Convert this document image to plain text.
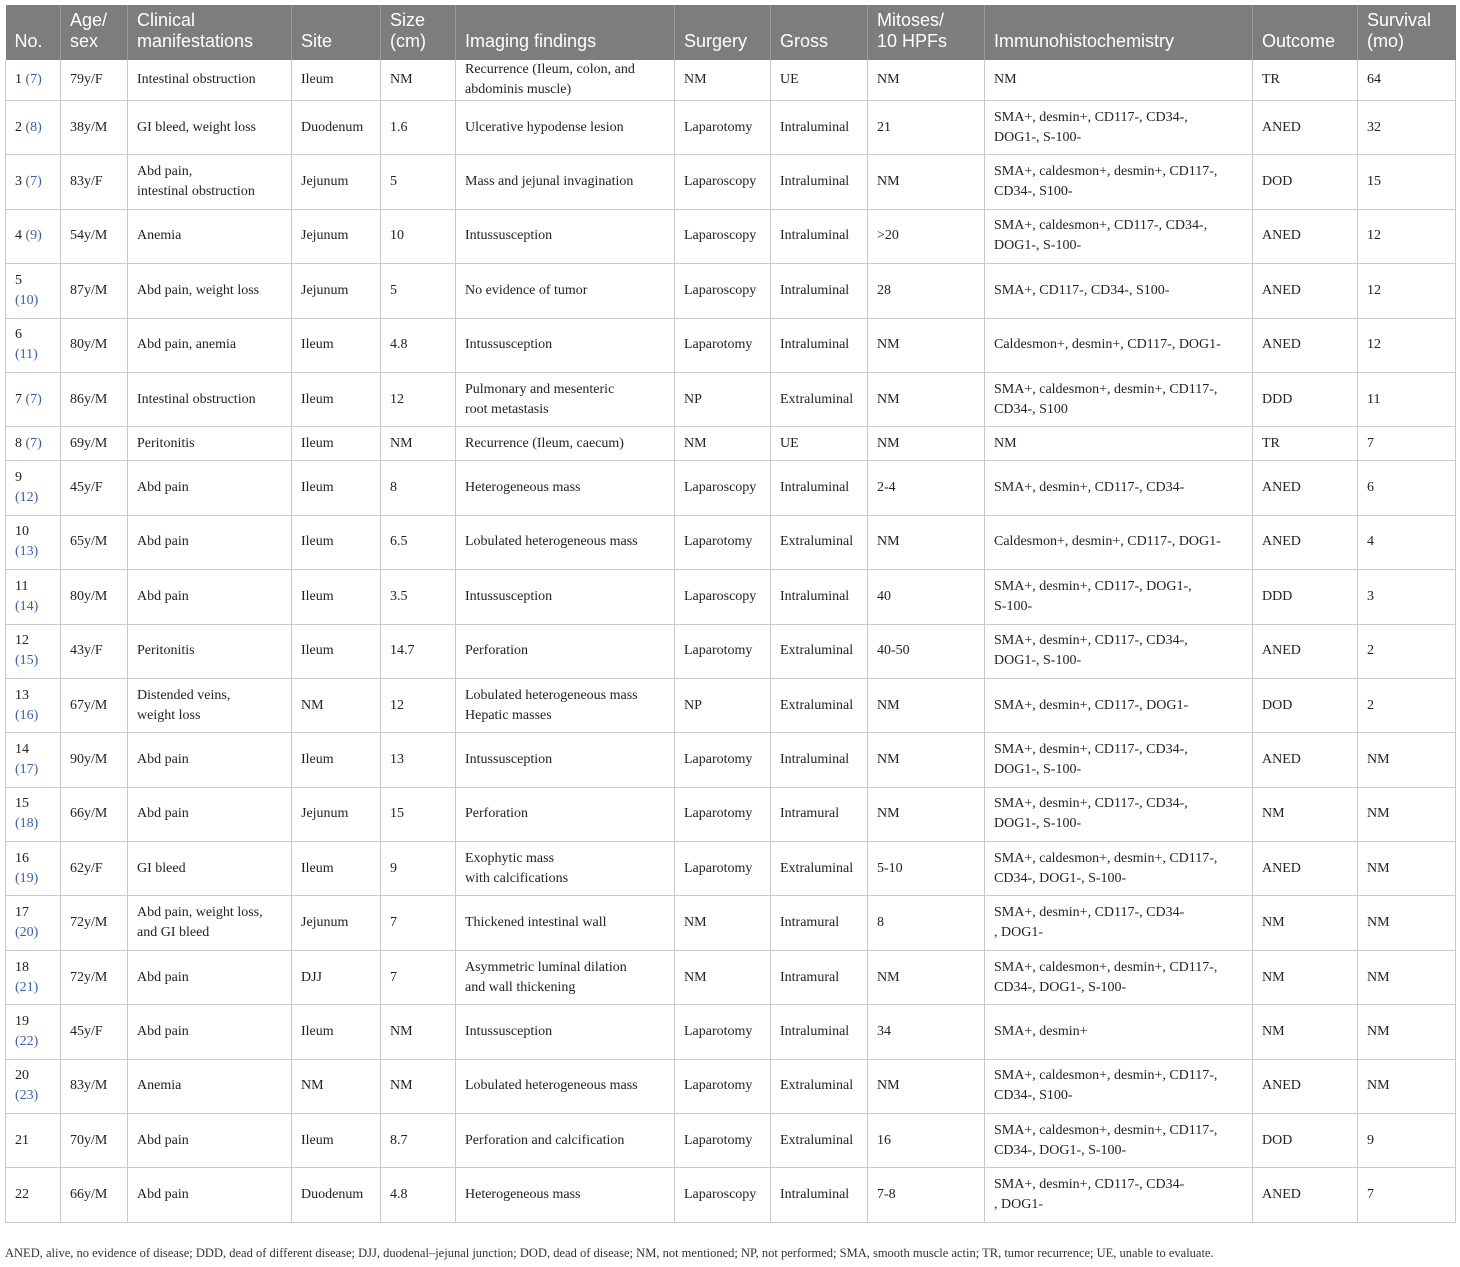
No.	Age/
sex	Clinical
manifestations	Site	Size
(cm)	Imaging findings	Surgery	Gross	Mitoses/
10 HPFs	Immunohistochemistry	Outcome	Survival
(mo)
1 (7)	79y/F	Intestinal obstruction	Ileum	NM	Recurrence (Ileum, colon, and
abdominis muscle)	NM	UE	NM	NM	TR	64
2 (8)	38y/M	GI bleed, weight loss	Duodenum	1.6	Ulcerative hypodense lesion	Laparotomy	Intraluminal	21	SMA+, desmin+, CD117-, CD34-,
DOG1-, S-100-	ANED	32
3 (7)	83y/F	Abd pain,
intestinal obstruction	Jejunum	5	Mass and jejunal invagination	Laparoscopy	Intraluminal	NM	SMA+, caldesmon+, desmin+, CD117-,
CD34-, S100-	DOD	15
4 (9)	54y/M	Anemia	Jejunum	10	Intussusception	Laparoscopy	Intraluminal	>20	SMA+, caldesmon+, CD117-, CD34-,
DOG1-, S-100-	ANED	12
5
(10)	87y/M	Abd pain, weight loss	Jejunum	5	No evidence of tumor	Laparoscopy	Intraluminal	28	SMA+, CD117-, CD34-, S100-	ANED	12
6
(11)	80y/M	Abd pain, anemia	Ileum	4.8	Intussusception	Laparotomy	Intraluminal	NM	Caldesmon+, desmin+, CD117-, DOG1-	ANED	12
7 (7)	86y/M	Intestinal obstruction	Ileum	12	Pulmonary and mesenteric
root metastasis	NP	Extraluminal	NM	SMA+, caldesmon+, desmin+, CD117-,
CD34-, S100	DDD	11
8 (7)	69y/M	Peritonitis	Ileum	NM	Recurrence (Ileum, caecum)	NM	UE	NM	NM	TR	7
9
(12)	45y/F	Abd pain	Ileum	8	Heterogeneous mass	Laparoscopy	Intraluminal	2-4	SMA+, desmin+, CD117-, CD34-	ANED	6
10
(13)	65y/M	Abd pain	Ileum	6.5	Lobulated heterogeneous mass	Laparotomy	Extraluminal	NM	Caldesmon+, desmin+, CD117-, DOG1-	ANED	4
11
(14)	80y/M	Abd pain	Ileum	3.5	Intussusception	Laparoscopy	Intraluminal	40	SMA+, desmin+, CD117-, DOG1-,
S-100-	DDD	3
12
(15)	43y/F	Peritonitis	Ileum	14.7	Perforation	Laparotomy	Extraluminal	40-50	SMA+, desmin+, CD117-, CD34-,
DOG1-, S-100-	ANED	2
13
(16)	67y/M	Distended veins,
weight loss	NM	12	Lobulated heterogeneous mass
Hepatic masses	NP	Extraluminal	NM	SMA+, desmin+, CD117-, DOG1-	DOD	2
14
(17)	90y/M	Abd pain	Ileum	13	Intussusception	Laparotomy	Intraluminal	NM	SMA+, desmin+, CD117-, CD34-,
DOG1-, S-100-	ANED	NM
15
(18)	66y/M	Abd pain	Jejunum	15	Perforation	Laparotomy	Intramural	NM	SMA+, desmin+, CD117-, CD34-,
DOG1-, S-100-	NM	NM
16
(19)	62y/F	GI bleed	Ileum	9	Exophytic mass
with calcifications	Laparotomy	Extraluminal	5-10	SMA+, caldesmon+, desmin+, CD117-,
CD34-, DOG1-, S-100-	ANED	NM
17
(20)	72y/M	Abd pain, weight loss,
and GI bleed	Jejunum	7	Thickened intestinal wall	NM	Intramural	8	SMA+, desmin+, CD117-, CD34-
, DOG1-	NM	NM
18
(21)	72y/M	Abd pain	DJJ	7	Asymmetric luminal dilation
and wall thickening	NM	Intramural	NM	SMA+, caldesmon+, desmin+, CD117-,
CD34-, DOG1-, S-100-	NM	NM
19
(22)	45y/F	Abd pain	Ileum	NM	Intussusception	Laparotomy	Intraluminal	34	SMA+, desmin+	NM	NM
20
(23)	83y/M	Anemia	NM	NM	Lobulated heterogeneous mass	Laparotomy	Extraluminal	NM	SMA+, caldesmon+, desmin+, CD117-,
CD34-, S100-	ANED	NM
21	70y/M	Abd pain	Ileum	8.7	Perforation and calcification	Laparotomy	Extraluminal	16	SMA+, caldesmon+, desmin+, CD117-,
CD34-, DOG1-, S-100-	DOD	9
22	66y/M	Abd pain	Duodenum	4.8	Heterogeneous mass	Laparoscopy	Intraluminal	7-8	SMA+, desmin+, CD117-, CD34-
, DOG1-	ANED	7
ANED, alive, no evidence of disease; DDD, dead of different disease; DJJ, duodenal–jejunal junction; DOD, dead of disease; NM, not mentioned; NP, not performed; SMA, smooth muscle actin; TR, tumor recurrence; UE, unable to evaluate.
